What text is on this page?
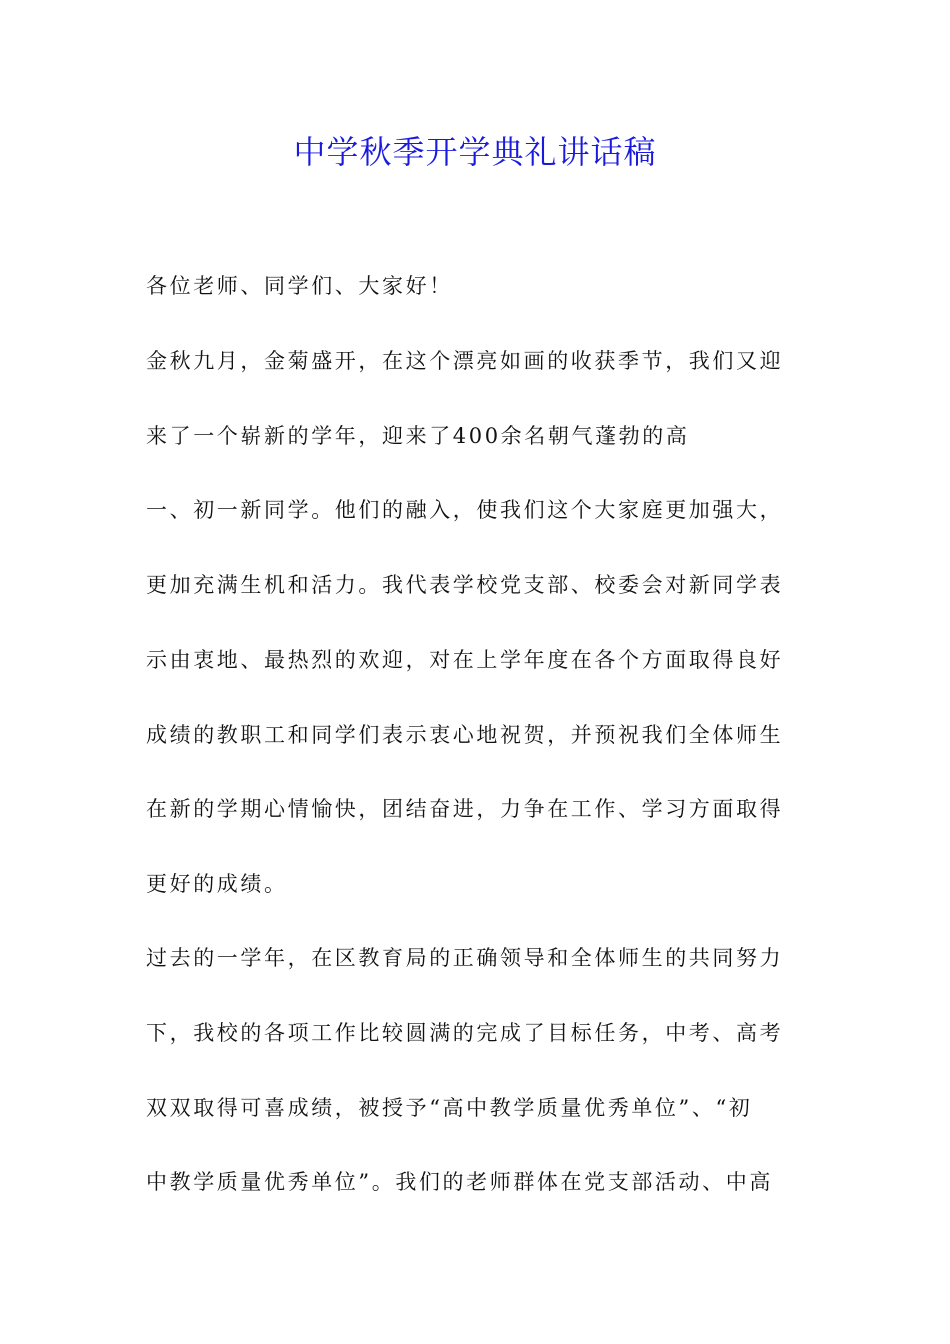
中学秋季开学典礼讲话稿
各位老师、同学们、大家好！
金秋九月，金菊盛开，在这个漂亮如画的收获季节，我们又迎
来了一个崭新的学年，迎来了400余名朝气蓬勃的高
一、初一新同学。他们的融入，使我们这个大家庭更加强大，
更加充满生机和活力。我代表学校党支部、校委会对新同学表
示由衷地、最热烈的欢迎，对在上学年度在各个方面取得良好
成绩的教职工和同学们表示衷心地祝贺，并预祝我们全体师生
在新的学期心情愉快，团结奋进，力争在工作、学习方面取得
更好的成绩。
过去的一学年，在区教育局的正确领导和全体师生的共同努力
下，我校的各项工作比较圆满的完成了目标任务，中考、高考
双双取得可喜成绩，被授予“高中教学质量优秀单位”、“初
中教学质量优秀单位”。我们的老师群体在党支部活动、中高
